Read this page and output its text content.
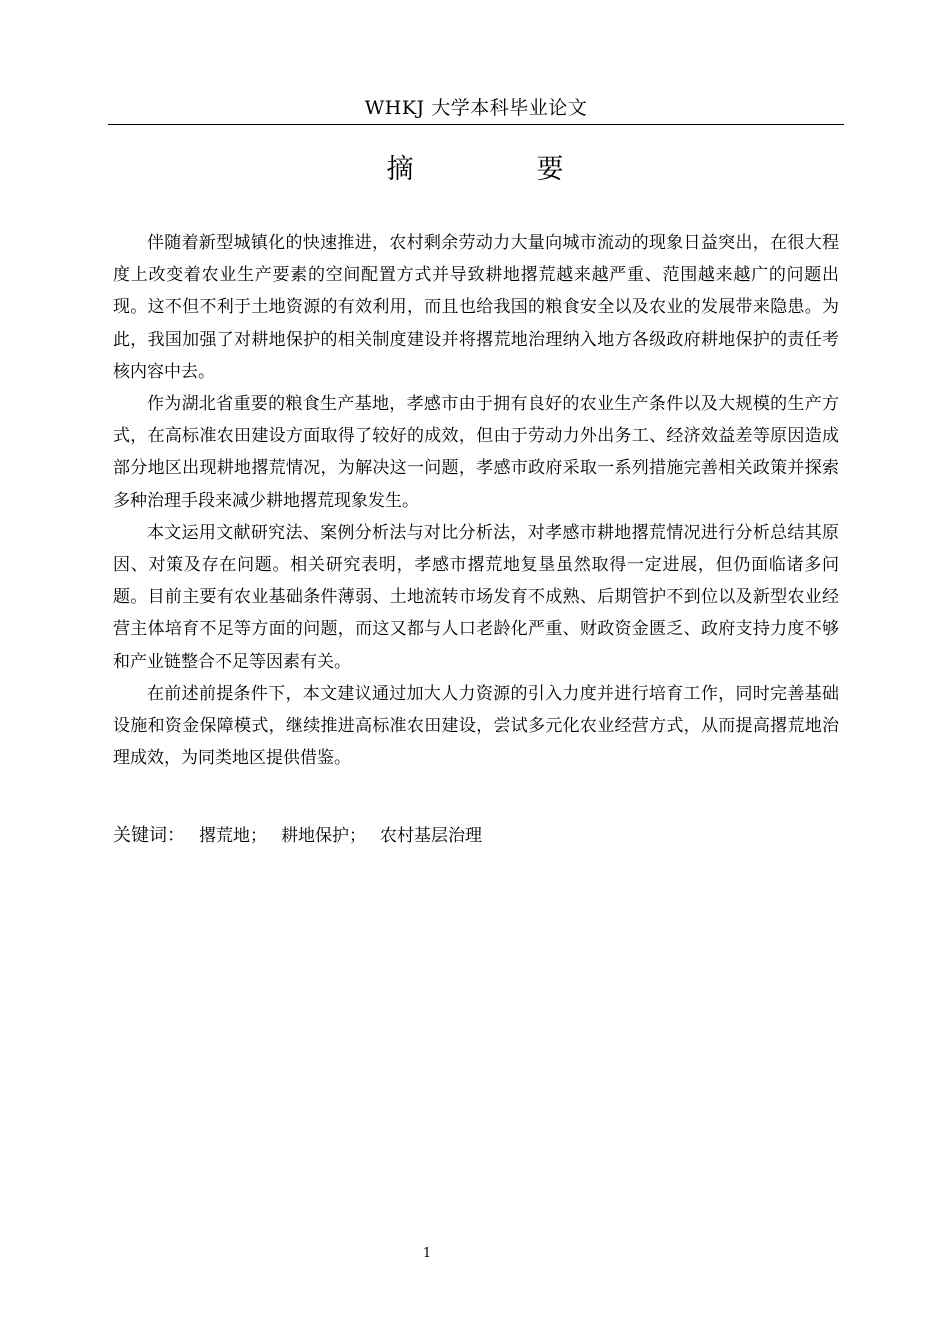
WHKJ 大学本科毕业论文
摘　要

伴随着新型城镇化的快速推进，农村剩余劳动力大量向城市流动的现象日益突出，在很大程度上改变着农业生产要素的空间配置方式并导致耕地撂荒越来越严重、范围越来越广的问题出现。这不但不利于土地资源的有效利用，而且也给我国的粮食安全以及农业的发展带来隐患。为此，我国加强了对耕地保护的相关制度建设并将撂荒地治理纳入地方各级政府耕地保护的责任考核内容中去。

作为湖北省重要的粮食生产基地，孝感市由于拥有良好的农业生产条件以及大规模的生产方式，在高标准农田建设方面取得了较好的成效，但由于劳动力外出务工、经济效益差等原因造成部分地区出现耕地撂荒情况，为解决这一问题，孝感市政府采取一系列措施完善相关政策并探索多种治理手段来减少耕地撂荒现象发生。

本文运用文献研究法、案例分析法与对比分析法，对孝感市耕地撂荒情况进行分析总结其原因、对策及存在问题。相关研究表明，孝感市撂荒地复垦虽然取得一定进展，但仍面临诸多问题。目前主要有农业基础条件薄弱、土地流转市场发育不成熟、后期管护不到位以及新型农业经营主体培育不足等方面的问题，而这又都与人口老龄化严重、财政资金匮乏、政府支持力度不够和产业链整合不足等因素有关。

在前述前提条件下，本文建议通过加大人力资源的引入力度并进行培育工作，同时完善基础设施和资金保障模式，继续推进高标准农田建设，尝试多元化农业经营方式，从而提高撂荒地治理成效，为同类地区提供借鉴。

关键词： 撂荒地； 耕地保护； 农村基层治理
1
